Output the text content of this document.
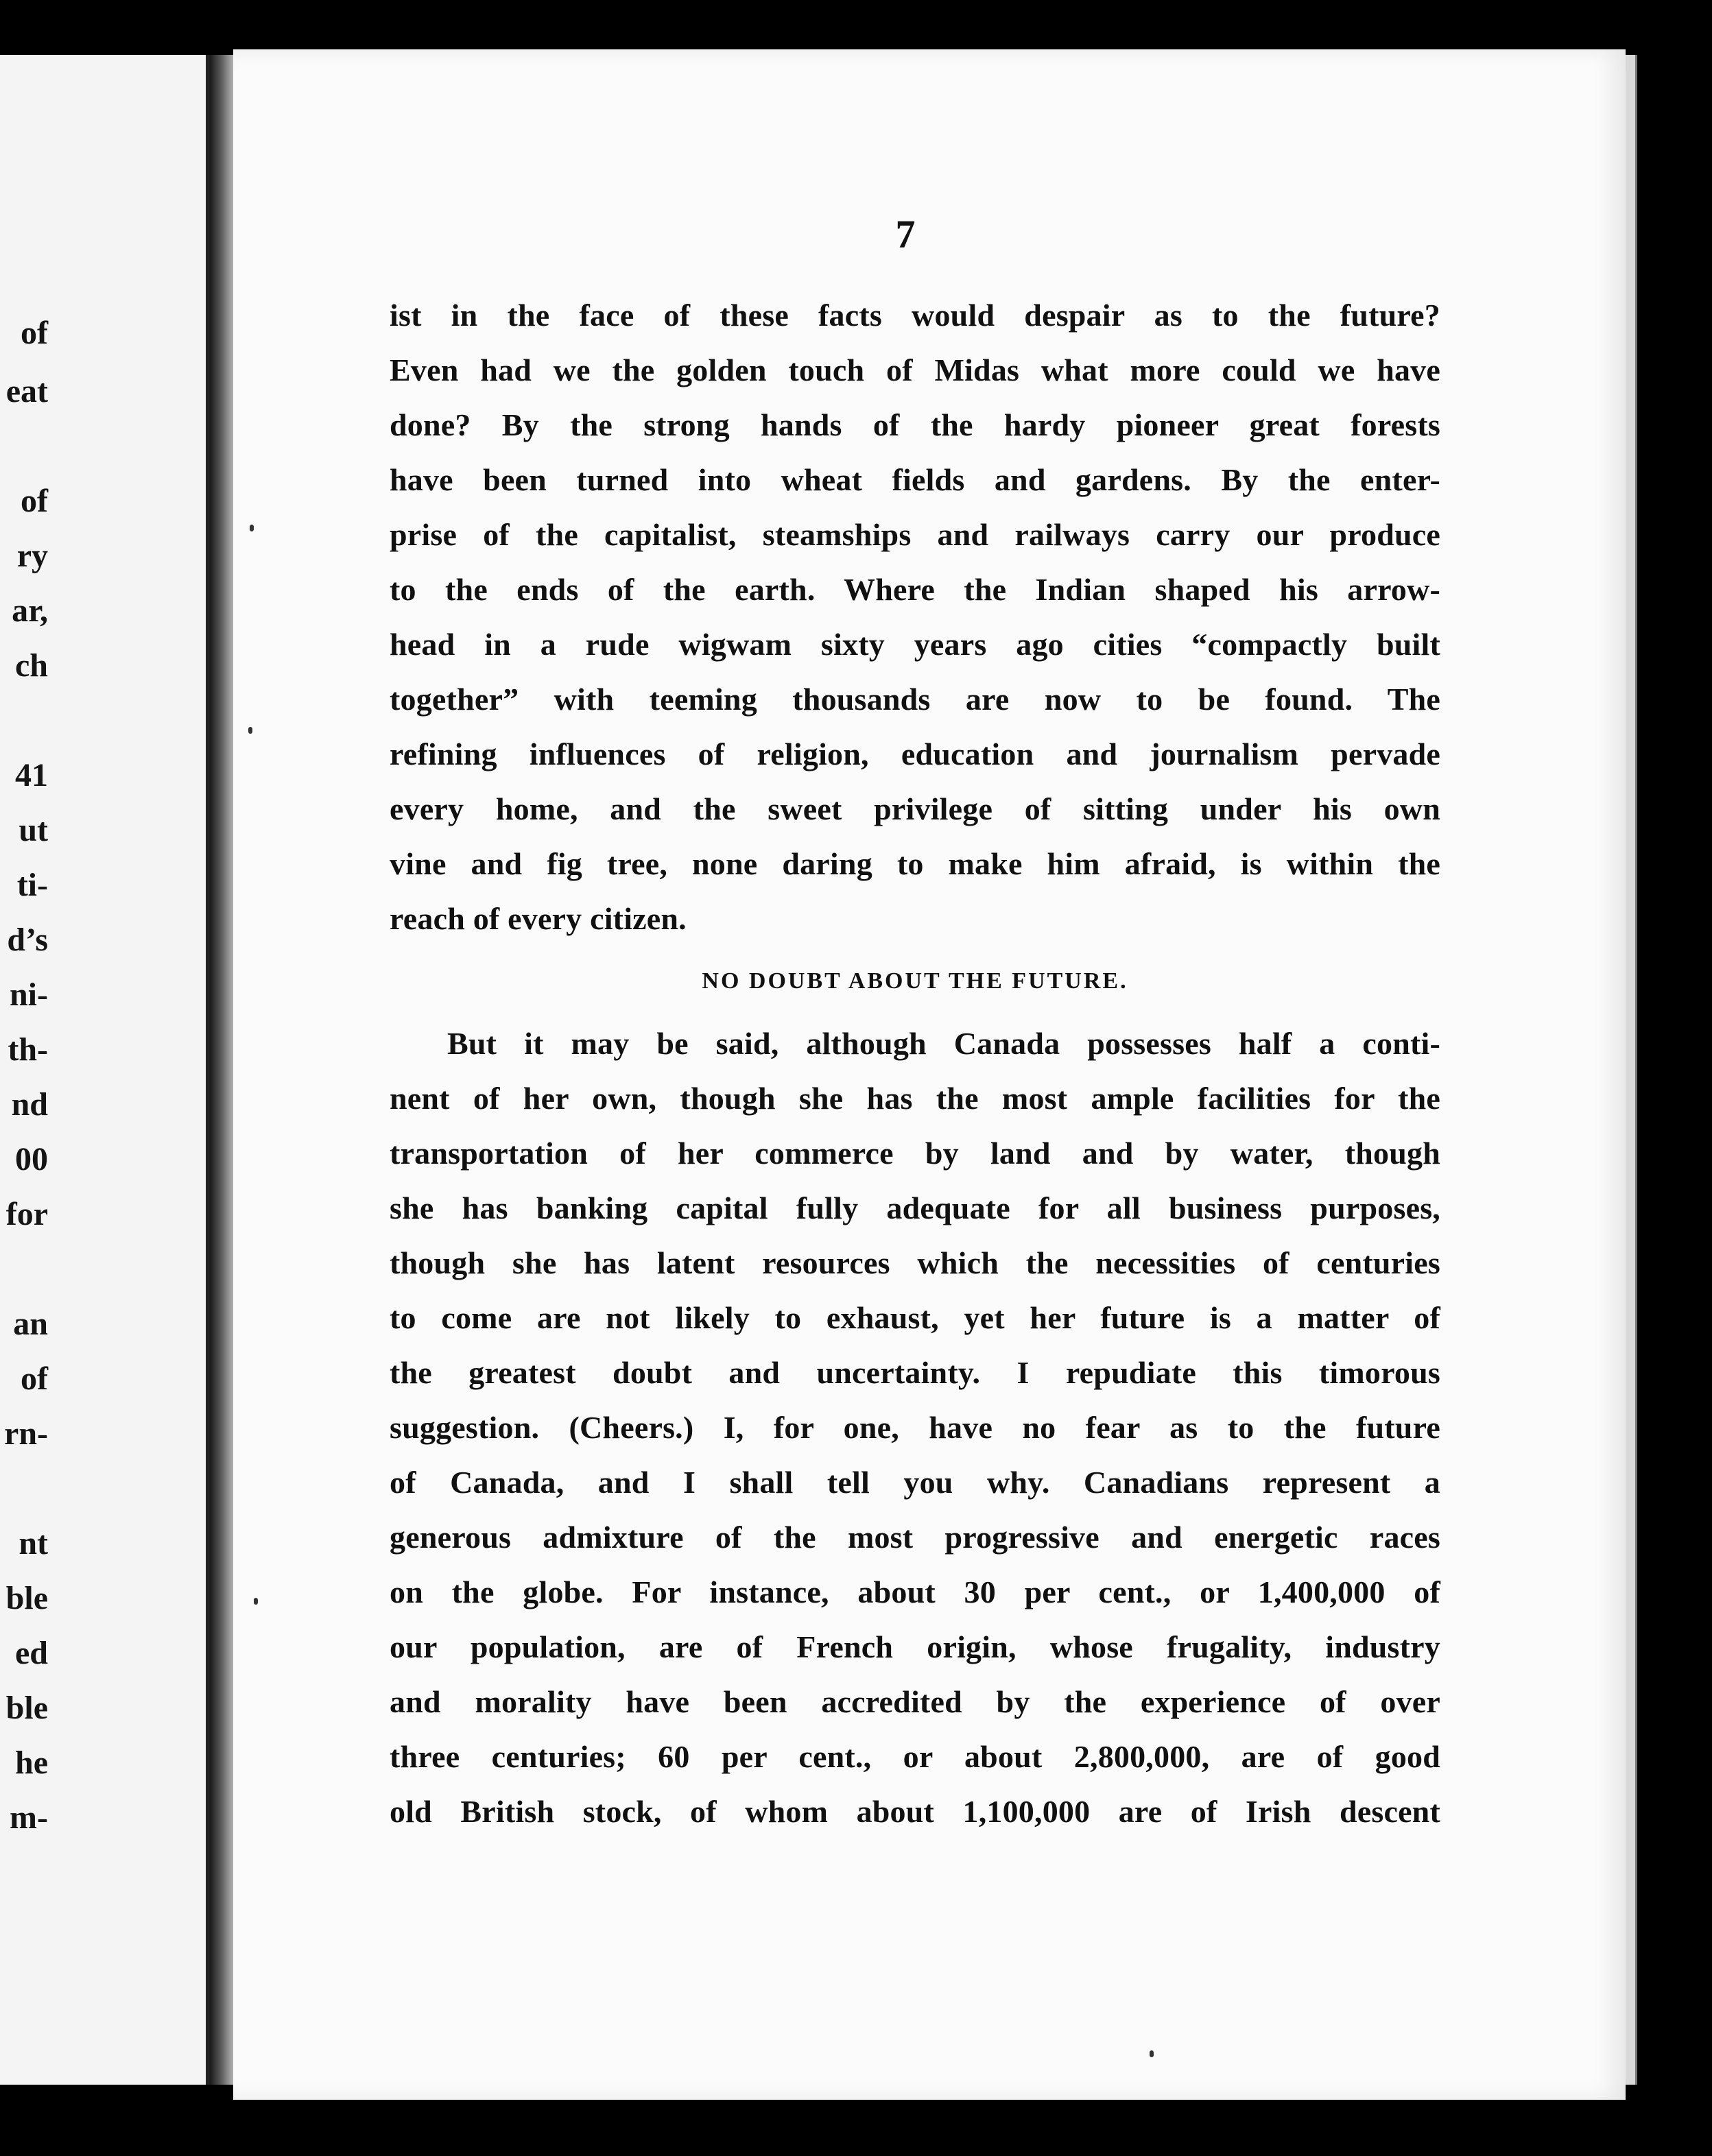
of
eat
of
ry
ar,
ch
41
ut
ti-
d’s
ni-
th-
nd
00
for
an
of
rn-
nt
ble
ed
ble
he
m-
7
ist in the face of these facts would despair as to the future?
Even had we the golden touch of Midas what more could we have
done? By the strong hands of the hardy pioneer great forests
have been turned into wheat fields and gardens. By the enter-
prise of the capitalist, steamships and railways carry our produce
to the ends of the earth. Where the Indian shaped his arrow-
head in a rude wigwam sixty years ago cities “compactly built
together” with teeming thousands are now to be found. The
refining influences of religion, education and journalism pervade
every home, and the sweet privilege of sitting under his own
vine and fig tree, none daring to make him afraid, is within the
reach of every citizen.
NO DOUBT ABOUT THE FUTURE.
But it may be said, although Canada possesses half a conti-
nent of her own, though she has the most ample facilities for the
transportation of her commerce by land and by water, though
she has banking capital fully adequate for all business purposes,
though she has latent resources which the necessities of centuries
to come are not likely to exhaust, yet her future is a matter of
the greatest doubt and uncertainty. I repudiate this timorous
suggestion. (Cheers.) I, for one, have no fear as to the future
of Canada, and I shall tell you why. Canadians represent a
generous admixture of the most progressive and energetic races
on the globe. For instance, about 30 per cent., or 1,400,000 of
our population, are of French origin, whose frugality, industry
and morality have been accredited by the experience of over
three centuries; 60 per cent., or about 2,800,000, are of good
old British stock, of whom about 1,100,000 are of Irish descent
